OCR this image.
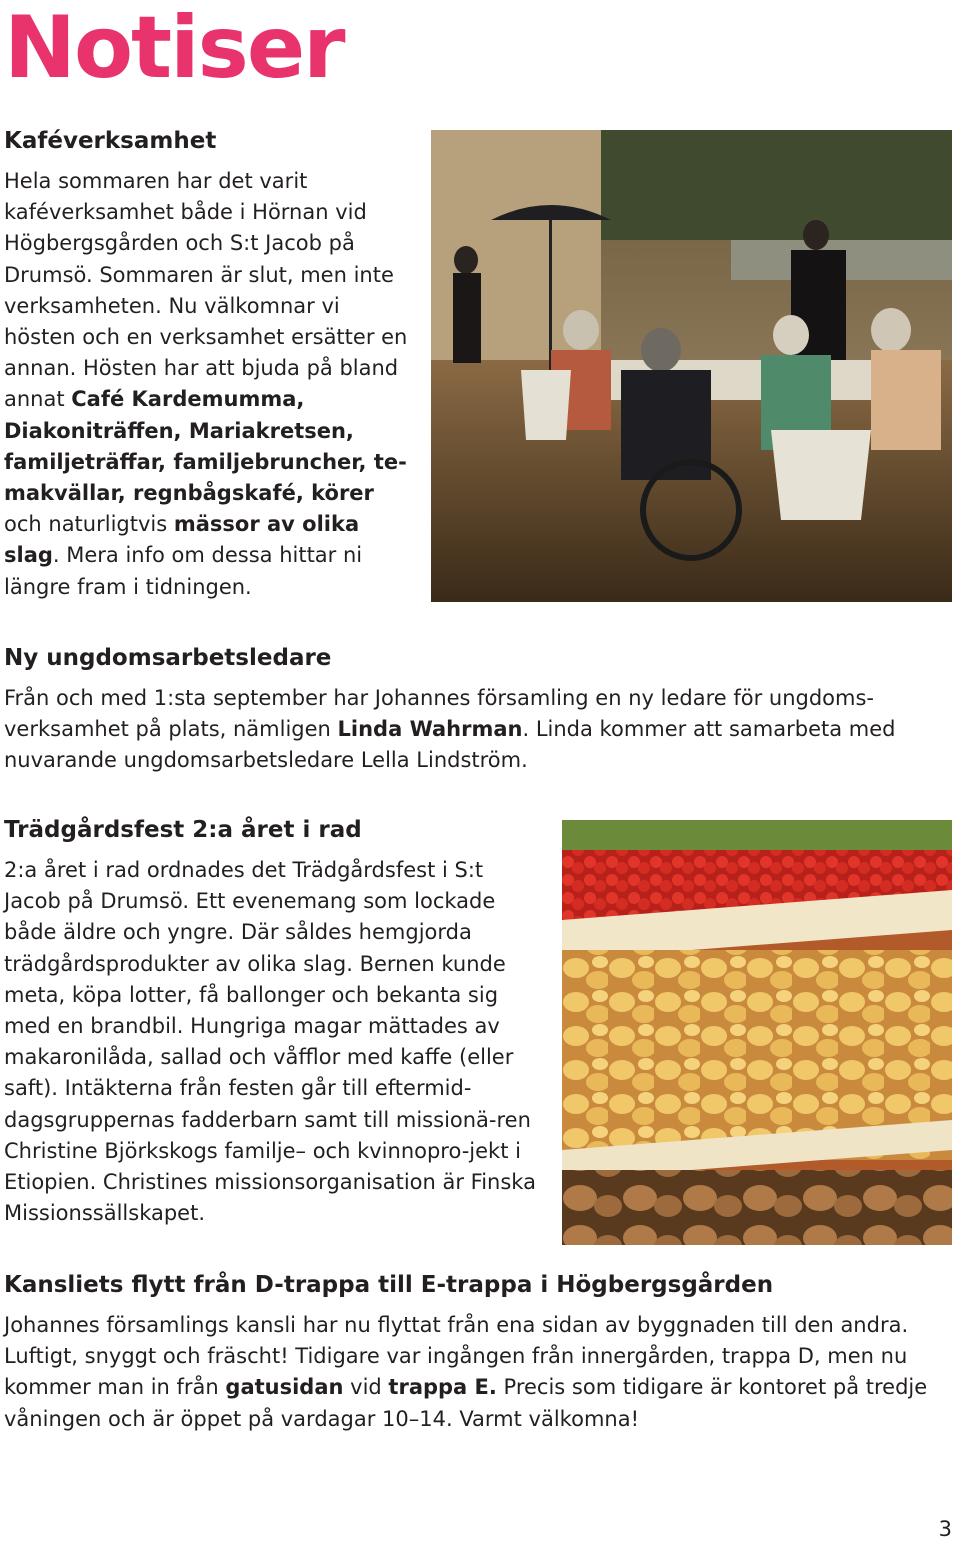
Notiser
Kaféverksamhet

Hela sommaren har det varit kaféverksamhet både i Hörnan vid Högbergsgården och S:t Jacob på Drumsö. Sommaren är slut, men inte verksamheten. Nu välkomnar vi hösten och en verksamhet ersätter en annan. Hösten har att bjuda på bland annat Café Kardemumma, Diakoniträffen, Mariakretsen, familjeträffar, familjebruncher, te-makvällar, regnbågskafé, körer och naturligtvis mässor av olika slag. Mera info om dessa hittar ni längre fram i tidningen.

Ny ungdomsarbetsledare

Från och med 1:sta september har Johannes församling en ny ledare för ungdoms-verksamhet på plats, nämligen Linda Wahrman. Linda kommer att samarbeta med nuvarande ungdomsarbetsledare Lella Lindström.

Trädgårdsfest 2:a året i rad

2:a året i rad ordnades det Trädgårdsfest i S:t Jacob på Drumsö. Ett evenemang som lockade både äldre och yngre. Där såldes hemgjorda trädgårdsprodukter av olika slag. Bernen kunde meta, köpa lotter, få ballonger och bekanta sig med en brandbil. Hungriga magar mättades av makaronilåda, sallad och våfflor med kaffe (eller saft). Intäkterna från festen går till eftermid-dagsgruppernas fadderbarn samt till missionä-ren Christine Björkskogs familje– och kvinnopro-jekt i Etiopien. Christines missionsorganisation är Finska Missionssällskapet.

Kansliets flytt från D-trappa till E-trappa i Högbergsgården

Johannes församlings kansli har nu flyttat från ena sidan av byggnaden till den andra. Luftigt, snyggt och fräscht! Tidigare var ingången från innergården, trappa D, men nu kommer man in från gatusidan vid trappa E. Precis som tidigare är kontoret på tredje våningen och är öppet på vardagar 10–14. Varmt välkomna!

3
